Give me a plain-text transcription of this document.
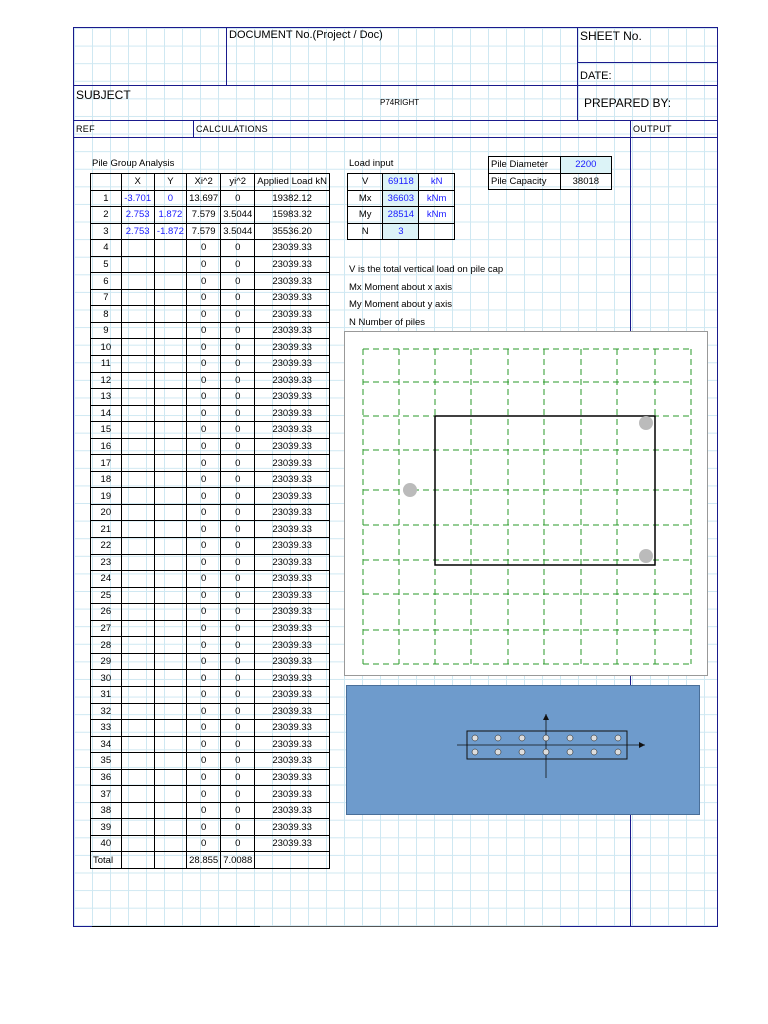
DOCUMENT No.(Project / Doc)	SHEET No.
DATE:
SUBJECT
P74RIGHT	PREPARED BY:
REF	CALCULATIONS	OUTPUT
Pile Group Analysis
	X	Y	Xi^2	yi^2	Applied Load kN
1	-3.701	0	13.697	0	19382.12
2	2.753	1.872	7.579	3.5044	15983.32
3	2.753	-1.872	7.579	3.5044	35536.20
4			0	0	23039.33
5			0	0	23039.33
6			0	0	23039.33
7			0	0	23039.33
8			0	0	23039.33
9			0	0	23039.33
10			0	0	23039.33
11			0	0	23039.33
12			0	0	23039.33
13			0	0	23039.33
14			0	0	23039.33
15			0	0	23039.33
16			0	0	23039.33
17			0	0	23039.33
18			0	0	23039.33
19			0	0	23039.33
20			0	0	23039.33
21			0	0	23039.33
22			0	0	23039.33
23			0	0	23039.33
24			0	0	23039.33
25			0	0	23039.33
26			0	0	23039.33
27			0	0	23039.33
28			0	0	23039.33
29			0	0	23039.33
30			0	0	23039.33
31			0	0	23039.33
32			0	0	23039.33
33			0	0	23039.33
34			0	0	23039.33
35			0	0	23039.33
36			0	0	23039.33
37			0	0	23039.33
38			0	0	23039.33
39			0	0	23039.33
40			0	0	23039.33
Total			28.855	7.0088	
Load input
V	69118	kN
Mx	36603	kNm
My	28514	kNm
N	3	
Pile Diameter	2200
Pile Capacity	38018
V is the total vertical load on pile cap
Mx Moment about x axis
My Moment about y axis
N Number of piles
